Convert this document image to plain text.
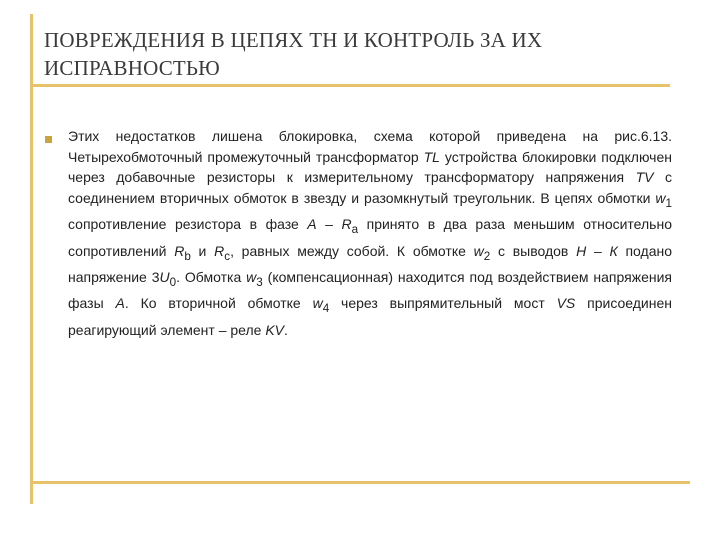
ПОВРЕЖДЕНИЯ В ЦЕПЯХ ТН И КОНТРОЛЬ ЗА ИХ
ИСПРАВНОСТЬЮ
Этих недостатков лишена блокировка, схема которой приведена на рис.6.13. Четырехобмоточный промежуточный трансформатор TL устройства блокировки подключен через добавочные резисторы к измерительному трансформатору напряжения TV с соединением вторичных обмоток в звезду и разомкнутый треугольник. В цепях обмотки $w_1$ сопротивление резистора в фазе А – $R_а$ принято в два раза меньшим относительно сопротивлений $R_b$ и $R_с$, равных между собой. К обмотке $w_2$ с выводов Н – К подано напряжение $3U_0$. Обмотка $w_3$ (компенсационная) находится под воздействием напряжения фазы А. Ко вторичной обмотке $w_4$ через выпрямительный мост VS присоединен реагирующий элемент – реле KV.
